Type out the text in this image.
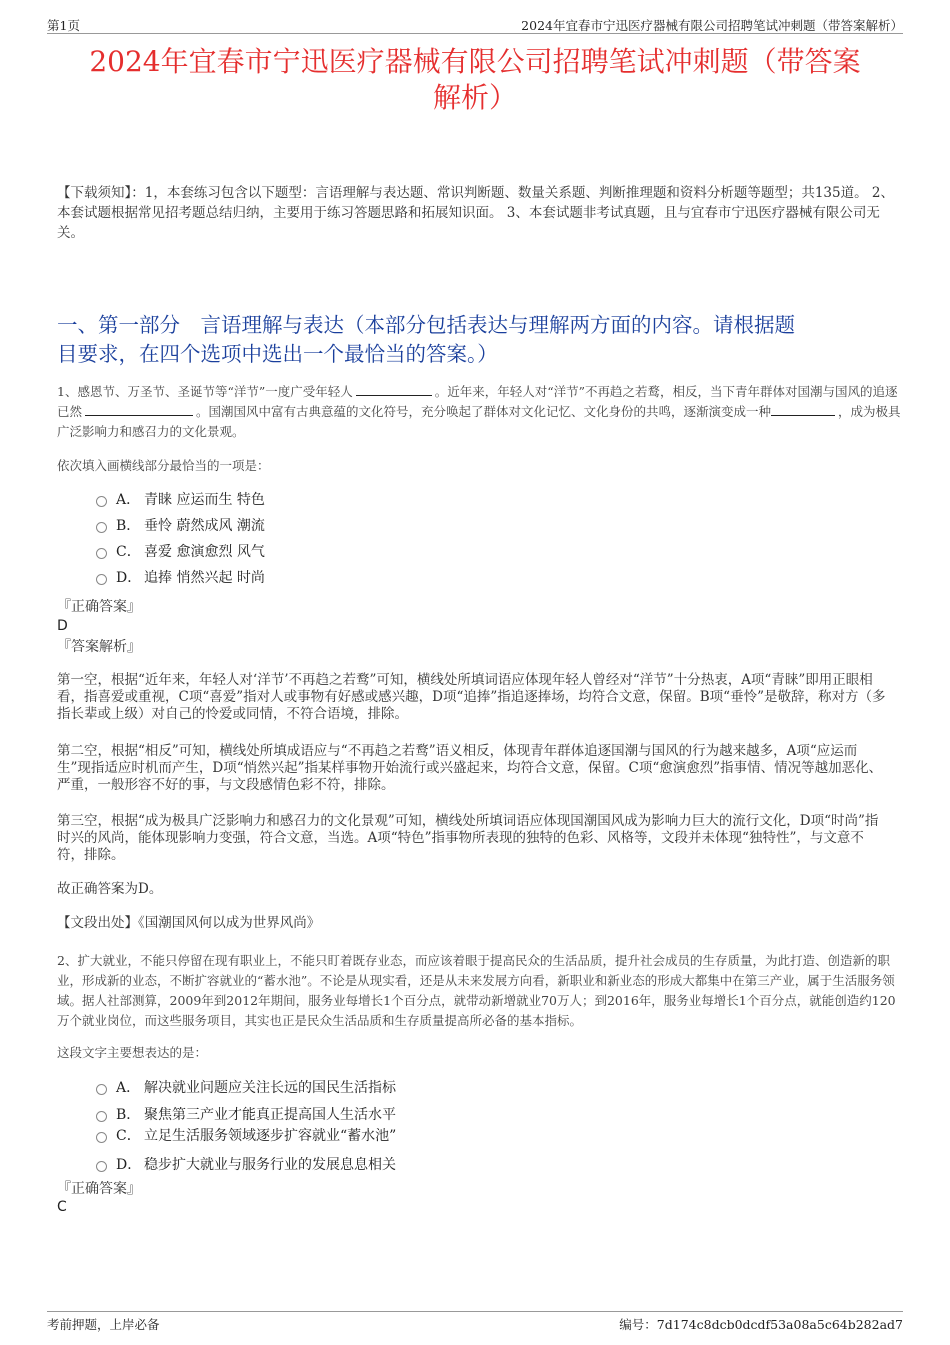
第1页	2024年宜春市宁迅医疗器械有限公司招聘笔试冲刺题（带答案解析）
2024年宜春市宁迅医疗器械有限公司招聘笔试冲刺题（带答案
解析）
【下载须知】：1，本套练习包含以下题型：言语理解与表达题、常识判断题、数量关系题、判断推理题和资料分析题等题型；共135道。 2、本套试题根据常见招考题总结归纳，主要用于练习答题思路和拓展知识面。 3、本套试题非考试真题，且与宜春市宁迅医疗器械有限公司无关。
一、第一部分　言语理解与表达（本部分包括表达与理解两方面的内容。请根据题
目要求，在四个选项中选出一个最恰当的答案。）
1、感恩节、万圣节、圣诞节等“洋节”一度广受年轻人	。近年来，年轻人对“洋节”不再趋之若鹜，相反，当下青年群体对国潮与国风的追逐已然	。国潮国风中富有古典意蕴的文化符号，充分唤起了群体对文化记忆、文化身份的共鸣，逐渐演变成一种	，成为极具广泛影响力和感召力的文化景观。
依次填入画横线部分最恰当的一项是：
A． 青睐 应运而生 特色
B． 垂怜 蔚然成风 潮流
C． 喜爱 愈演愈烈 风气
D． 追捧 悄然兴起 时尚
『正确答案』
D
『答案解析』
第一空，根据“近年来，年轻人对‘洋节’不再趋之若鹜”可知，横线处所填词语应体现年轻人曾经对“洋节”十分热衷，A项“青睐”即用正眼相看，指喜爱或重视，C项“喜爱”指对人或事物有好感或感兴趣，D项“追捧”指追逐捧场，均符合文意，保留。B项“垂怜”是敬辞，称对方（多指长辈或上级）对自己的怜爱或同情，不符合语境，排除。
第二空，根据“相反”可知，横线处所填成语应与“不再趋之若鹜”语义相反，体现青年群体追逐国潮与国风的行为越来越多，A项“应运而生”现指适应时机而产生，D项“悄然兴起”指某样事物开始流行或兴盛起来，均符合文意，保留。C项“愈演愈烈”指事情、情况等越加恶化、严重，一般形容不好的事，与文段感情色彩不符，排除。
第三空，根据“成为极具广泛影响力和感召力的文化景观”可知，横线处所填词语应体现国潮国风成为影响力巨大的流行文化，D项“时尚”指时兴的风尚，能体现影响力变强，符合文意，当选。A项“特色”指事物所表现的独特的色彩、风格等，文段并未体现“独特性”，与文意不符，排除。
故正确答案为D。
【文段出处】《国潮国风何以成为世界风尚》
2、扩大就业，不能只停留在现有职业上，不能只盯着既存业态，而应该着眼于提高民众的生活品质，提升社会成员的生存质量，为此打造、创造新的职业，形成新的业态，不断扩容就业的“蓄水池”。不论是从现实看，还是从未来发展方向看，新职业和新业态的形成大都集中在第三产业，属于生活服务领域。据人社部测算，2009年到2012年期间，服务业每增长1个百分点，就带动新增就业70万人；到2016年，服务业每增长1个百分点，就能创造约120万个就业岗位，而这些服务项目，其实也正是民众生活品质和生存质量提高所必备的基本指标。
这段文字主要想表达的是：
A． 解决就业问题应关注长远的国民生活指标
B． 聚焦第三产业才能真正提高国人生活水平
C． 立足生活服务领域逐步扩容就业“蓄水池”
D． 稳步扩大就业与服务行业的发展息息相关
『正确答案』
C
考前押题，上岸必备	编号：7d174c8dcb0dcdf53a08a5c64b282ad7
